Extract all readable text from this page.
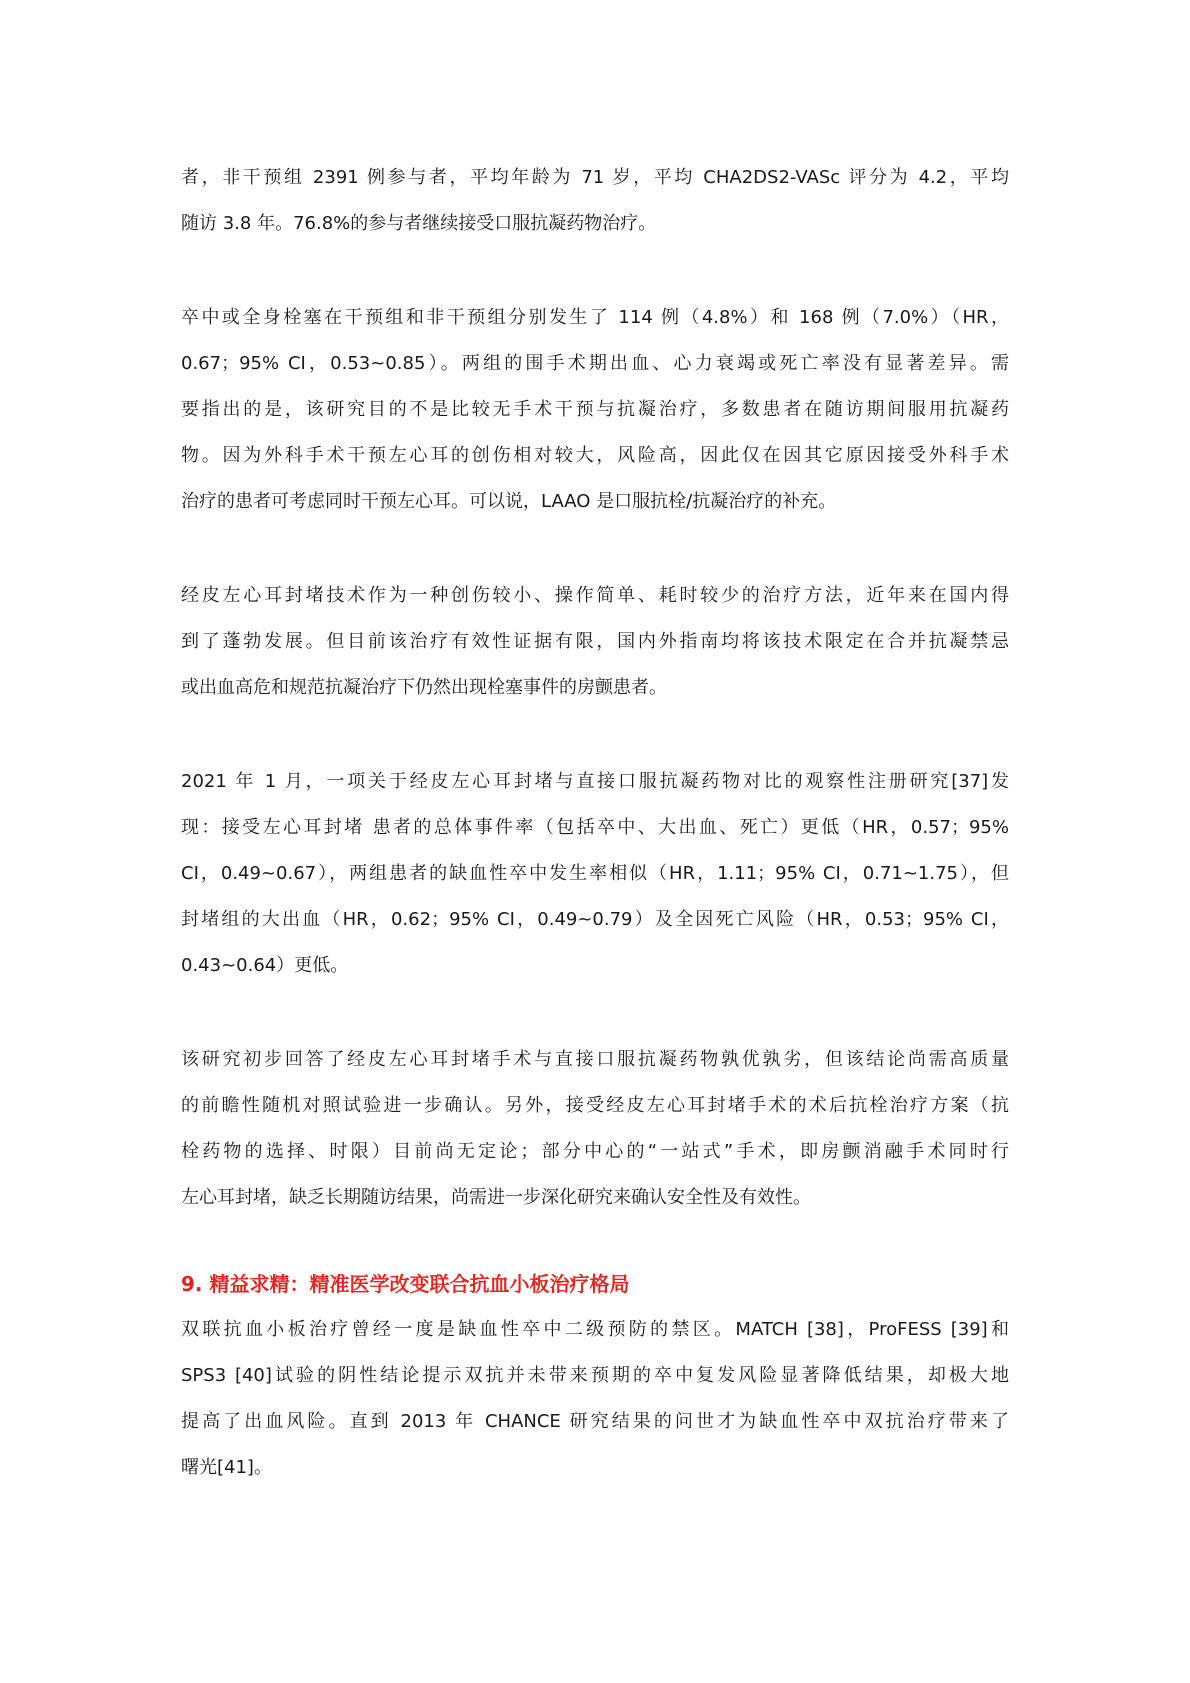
者，非干预组 2391 例参与者，平均年龄为 71 岁，平均 CHA2DS2-VASc 评分为 4.2，平均
随访 3.8 年。76.8%的参与者继续接受口服抗凝药物治疗。
卒中或全身栓塞在干预组和非干预组分别发生了 114 例（4.8%）和 168 例（7.0%）（HR，
0.67；95% CI，0.53~0.85）。两组的围手术期出血、心力衰竭或死亡率没有显著差异。需
要指出的是，该研究目的不是比较无手术干预与抗凝治疗，多数患者在随访期间服用抗凝药
物。因为外科手术干预左心耳的创伤相对较大，风险高，因此仅在因其它原因接受外科手术
治疗的患者可考虑同时干预左心耳。可以说，LAAO 是口服抗栓/抗凝治疗的补充。
经皮左心耳封堵技术作为一种创伤较小、操作简单、耗时较少的治疗方法，近年来在国内得
到了蓬勃发展。但目前该治疗有效性证据有限，国内外指南均将该技术限定在合并抗凝禁忌
或出血高危和规范抗凝治疗下仍然出现栓塞事件的房颤患者。
2021 年 1 月，一项关于经皮左心耳封堵与直接口服抗凝药物对比的观察性注册研究[37]发
现：接受左心耳封堵 患者的总体事件率（包括卒中、大出血、死亡）更低（HR，0.57；95%
CI，0.49~0.67），两组患者的缺血性卒中发生率相似（HR，1.11；95% CI，0.71~1.75），但
封堵组的大出血（HR，0.62；95% CI，0.49~0.79）及全因死亡风险（HR，0.53；95% CI，
0.43~0.64）更低。
该研究初步回答了经皮左心耳封堵手术与直接口服抗凝药物孰优孰劣，但该结论尚需高质量
的前瞻性随机对照试验进一步确认。另外，接受经皮左心耳封堵手术的术后抗栓治疗方案（抗
栓药物的选择、时限）目前尚无定论；部分中心的“一站式”手术，即房颤消融手术同时行
左心耳封堵，缺乏长期随访结果，尚需进一步深化研究来确认安全性及有效性。
9. 精益求精：精准医学改变联合抗血小板治疗格局
双联抗血小板治疗曾经一度是缺血性卒中二级预防的禁区。MATCH [38]，ProFESS [39]和
SPS3 [40]试验的阴性结论提示双抗并未带来预期的卒中复发风险显著降低结果，却极大地
提高了出血风险。直到 2013 年 CHANCE 研究结果的问世才为缺血性卒中双抗治疗带来了
曙光[41]。
